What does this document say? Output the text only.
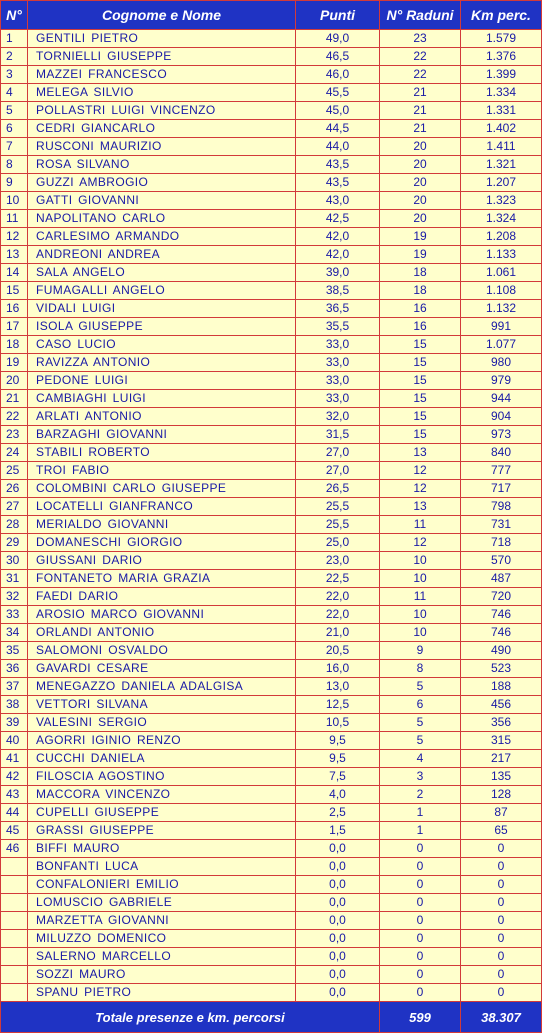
N°	Cognome e Nome	Punti	N° Raduni	Km perc.
1	GENTILI PIETRO	49,0	23	1.579
2	TORNIELLI GIUSEPPE	46,5	22	1.376
3	MAZZEI FRANCESCO	46,0	22	1.399
4	MELEGA SILVIO	45,5	21	1.334
5	POLLASTRI LUIGI VINCENZO	45,0	21	1.331
6	CEDRI GIANCARLO	44,5	21	1.402
7	RUSCONI MAURIZIO	44,0	20	1.411
8	ROSA SILVANO	43,5	20	1.321
9	GUZZI AMBROGIO	43,5	20	1.207
10	GATTI GIOVANNI	43,0	20	1.323
11	NAPOLITANO CARLO	42,5	20	1.324
12	CARLESIMO ARMANDO	42,0	19	1.208
13	ANDREONI ANDREA	42,0	19	1.133
14	SALA ANGELO	39,0	18	1.061
15	FUMAGALLI ANGELO	38,5	18	1.108
16	VIDALI LUIGI	36,5	16	1.132
17	ISOLA GIUSEPPE	35,5	16	991
18	CASO LUCIO	33,0	15	1.077
19	RAVIZZA ANTONIO	33,0	15	980
20	PEDONE LUIGI	33,0	15	979
21	CAMBIAGHI LUIGI	33,0	15	944
22	ARLATI ANTONIO	32,0	15	904
23	BARZAGHI GIOVANNI	31,5	15	973
24	STABILI ROBERTO	27,0	13	840
25	TROI FABIO	27,0	12	777
26	COLOMBINI CARLO GIUSEPPE	26,5	12	717
27	LOCATELLI GIANFRANCO	25,5	13	798
28	MERIALDO GIOVANNI	25,5	11	731
29	DOMANESCHI GIORGIO	25,0	12	718
30	GIUSSANI DARIO	23,0	10	570
31	FONTANETO MARIA GRAZIA	22,5	10	487
32	FAEDI DARIO	22,0	11	720
33	AROSIO MARCO GIOVANNI	22,0	10	746
34	ORLANDI ANTONIO	21,0	10	746
35	SALOMONI OSVALDO	20,5	9	490
36	GAVARDI CESARE	16,0	8	523
37	MENEGAZZO DANIELA ADALGISA	13,0	5	188
38	VETTORI SILVANA	12,5	6	456
39	VALESINI SERGIO	10,5	5	356
40	AGORRI IGINIO RENZO	9,5	5	315
41	CUCCHI DANIELA	9,5	4	217
42	FILOSCIA AGOSTINO	7,5	3	135
43	MACCORA VINCENZO	4,0	2	128
44	CUPELLI GIUSEPPE	2,5	1	87
45	GRASSI GIUSEPPE	1,5	1	65
46	BIFFI MAURO	0,0	0	0
	BONFANTI LUCA	0,0	0	0
	CONFALONIERI EMILIO	0,0	0	0
	LOMUSCIO GABRIELE	0,0	0	0
	MARZETTA GIOVANNI	0,0	0	0
	MILUZZO DOMENICO	0,0	0	0
	SALERNO MARCELLO	0,0	0	0
	SOZZI MAURO	0,0	0	0
	SPANU PIETRO	0,0	0	0
Totale presenze e km. percorsi			599	38.307
